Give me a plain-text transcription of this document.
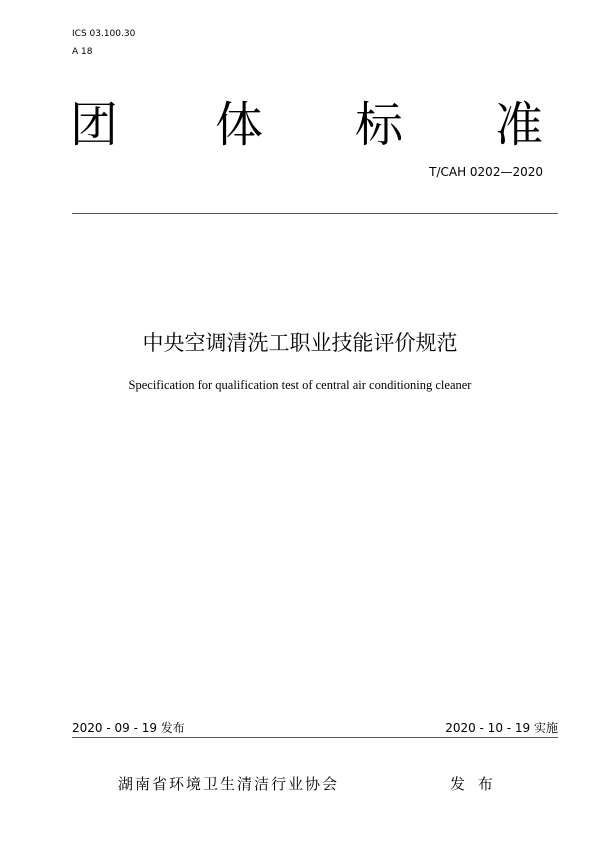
ICS 03.100.30
A 18
团 体 标 准
T/CAH 0202—2020
中央空调清洗工职业技能评价规范
Specification for qualification test of central air conditioning cleaner
2020 - 09 - 19 发布	2020 - 10 - 19 实施
湖南省环境卫生清洁行业协会	发 布
